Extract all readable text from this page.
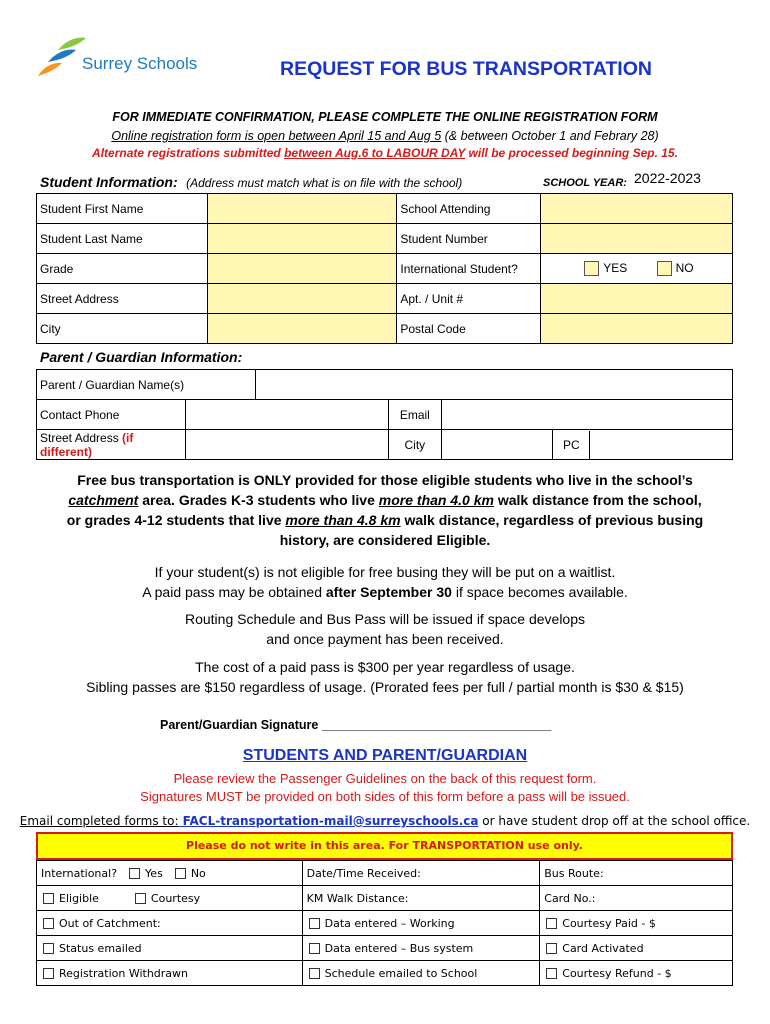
Surrey Schools	REQUEST FOR BUS TRANSPORTATION
FOR IMMEDIATE CONFIRMATION, PLEASE COMPLETE THE ONLINE REGISTRATION FORM
Online registration form is open between April 15 and Aug 5 (& between October 1 and Febrary 28)
Alternate registrations submitted between Aug.6 to LABOUR DAY will be processed beginning Sep. 15.
Student Information: (Address must match what is on file with the school)	SCHOOL YEAR: 2022-2023
Student First Name		School Attending	
Student Last Name		Student Number	
Grade		International Student?	YES NO
Street Address		Apt. / Unit #	
City		Postal Code	
Parent / Guardian Information:
Parent / Guardian Name(s)	
Contact Phone		Email		
Street Address (if different)		City		PC
Free bus transportation is ONLY provided for those eligible students who live in the school’s
catchment area. Grades K-3 students who live more than 4.0 km walk distance from the school,
or grades 4-12 students that live more than 4.8 km walk distance, regardless of previous busing
history, are considered Eligible.
If your student(s) is not eligible for free busing they will be put on a waitlist.
A paid pass may be obtained after September 30 if space becomes available.
Routing Schedule and Bus Pass will be issued if space develops
and once payment has been received.
The cost of a paid pass is $300 per year regardless of usage.
Sibling passes are $150 regardless of usage. (Prorated fees per full / partial month is $30 & $15)
Parent/Guardian Signature _________________________________
STUDENTS AND PARENT/GUARDIAN
Please review the Passenger Guidelines on the back of this request form.
Signatures MUST be provided on both sides of this form before a pass will be issued.
Email completed forms to: FACL-transportation-mail@surreyschools.ca or have student drop off at the school office.
Please do not write in this area. For TRANSPORTATION use only.
International? Yes No	Date/Time Received:	Bus Route:
Eligible Courtesy	KM Walk Distance:	Card No.:
Out of Catchment:	Data entered – Working	Courtesy Paid - $
Status emailed	Data entered – Bus system	Card Activated
Registration Withdrawn	Schedule emailed to School	Courtesy Refund - $
